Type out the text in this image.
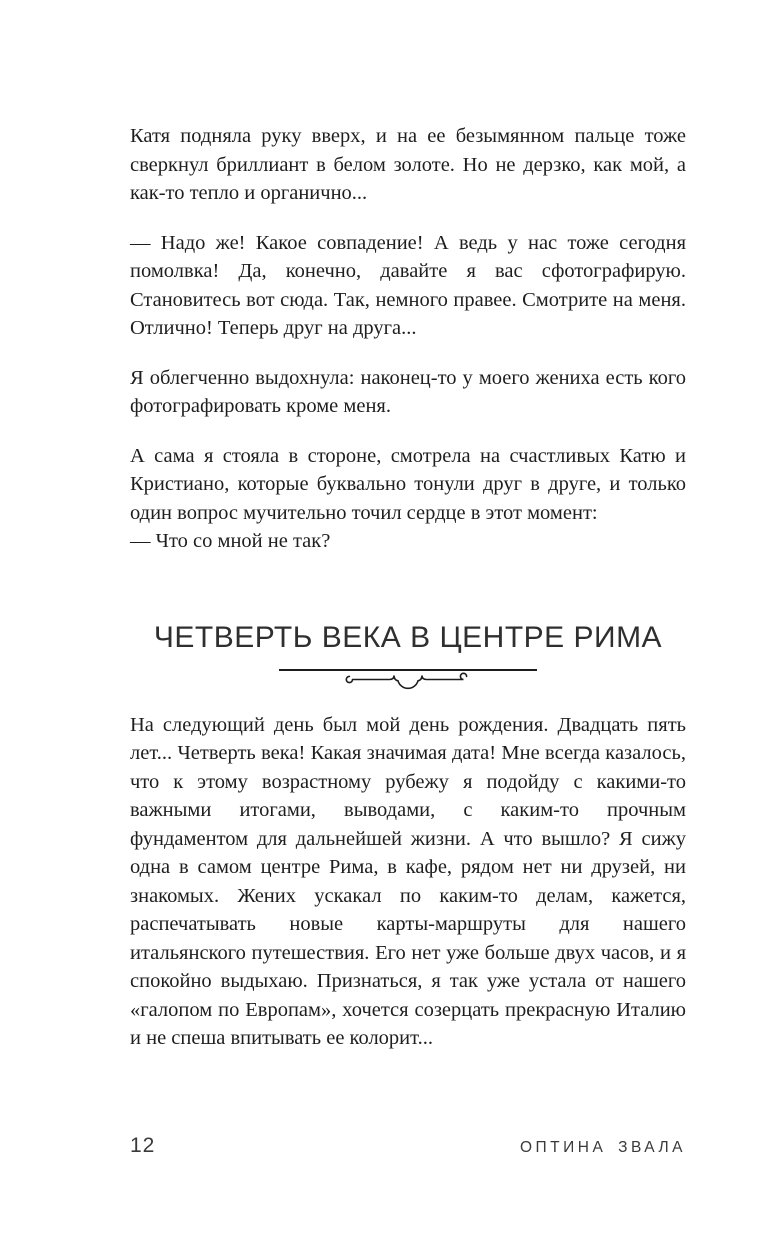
Катя подняла руку вверх, и на ее безымянном пальце тоже сверкнул бриллиант в белом золоте. Но не дерзко, как мой, а как-то тепло и органично...

— Надо же! Какое совпадение! А ведь у нас тоже сегодня помолвка! Да, конечно, давайте я вас сфотографирую. Становитесь вот сюда. Так, немного правее. Смотрите на меня. Отлично! Теперь друг на друга...

Я облегченно выдохнула: наконец-то у моего жениха есть кого фотографировать кроме меня.

А сама я стояла в стороне, смотрела на счастливых Катю и Кристиано, которые буквально тонули друг в друге, и только один вопрос мучительно точил сердце в этот момент:

— Что со мной не так?

ЧЕТВЕРТЬ ВЕКА В ЦЕНТРЕ РИМА

На следующий день был мой день рождения. Двадцать пять лет... Четверть века! Какая значимая дата! Мне всегда казалось, что к этому возрастному рубежу я подойду с какими-то важными итогами, выводами, с каким-то прочным фундаментом для дальнейшей жизни. А что вышло? Я сижу одна в самом центре Рима, в кафе, рядом нет ни друзей, ни знакомых. Жених ускакал по каким-то делам, кажется, распечатывать новые карты-маршруты для нашего итальянского путешествия. Его нет уже больше двух часов, и я спокойно выдыхаю. Признаться, я так уже устала от нашего «галопом по Европам», хочется созерцать прекрасную Италию и не спеша впитывать ее колорит...

12	ОПТИНА ЗВАЛА
